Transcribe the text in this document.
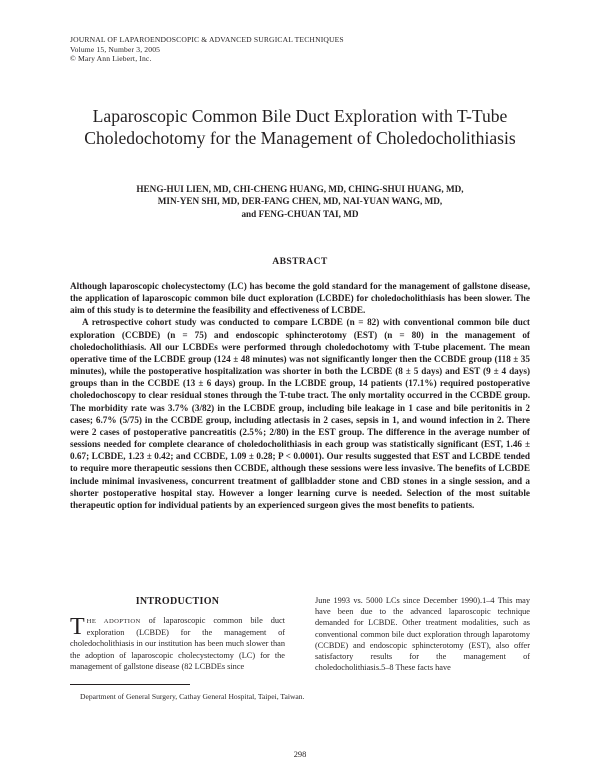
JOURNAL OF LAPAROENDOSCOPIC & ADVANCED SURGICAL TECHNIQUES
Volume 15, Number 3, 2005
© Mary Ann Liebert, Inc.
Laparoscopic Common Bile Duct Exploration with T-Tube
Choledochotomy for the Management of Choledocholithiasis
HENG-HUI LIEN, MD, CHI-CHENG HUANG, MD, CHING-SHUI HUANG, MD,
MIN-YEN SHI, MD, DER-FANG CHEN, MD, NAI-YUAN WANG, MD,
and FENG-CHUAN TAI, MD
ABSTRACT

Although laparoscopic cholecystectomy (LC) has become the gold standard for the management of gallstone disease, the application of laparoscopic common bile duct exploration (LCBDE) for choledocholithiasis has been slower. The aim of this study is to determine the feasibility and effectiveness of LCBDE.

A retrospective cohort study was conducted to compare LCBDE (n = 82) with conventional common bile duct exploration (CCBDE) (n = 75) and endoscopic sphincterotomy (EST) (n = 80) in the management of choledocholithiasis. All our LCBDEs were performed through choledochotomy with T-tube placement. The mean operative time of the LCBDE group (124 ± 48 minutes) was not significantly longer then the CCBDE group (118 ± 35 minutes), while the postoperative hospitalization was shorter in both the LCBDE (8 ± 5 days) and EST (9 ± 4 days) groups than in the CCBDE (13 ± 6 days) group. In the LCBDE group, 14 patients (17.1%) required postoperative choledochoscopy to clear residual stones through the T-tube tract. The only mortality occurred in the CCBDE group. The morbidity rate was 3.7% (3/82) in the LCBDE group, including bile leakage in 1 case and bile peritonitis in 2 cases; 6.7% (5/75) in the CCBDE group, including atlectasis in 2 cases, sepsis in 1, and wound infection in 2. There were 2 cases of postoperative pancreatitis (2.5%; 2/80) in the EST group. The difference in the average number of sessions needed for complete clearance of choledocholithiasis in each group was statistically significant (EST, 1.46 ± 0.67; LCBDE, 1.23 ± 0.42; and CCBDE, 1.09 ± 0.28; P < 0.0001). Our results suggested that EST and LCBDE tended to require more therapeutic sessions then CCBDE, although these sessions were less invasive. The benefits of LCBDE include minimal invasiveness, concurrent treatment of gallbladder stone and CBD stones in a single session, and a shorter postoperative hospital stay. However a longer learning curve is needed. Selection of the most suitable therapeutic option for individual patients by an experienced surgeon gives the most benefits to patients.

INTRODUCTION

THE ADOPTION of laparoscopic common bile duct exploration (LCBDE) for the management of choledocholithiasis in our institution has been much slower than the adoption of laparoscopic cholecystectomy (LC) for the management of gallstone disease (82 LCBDEs since

June 1993 vs. 5000 LCs since December 1990).1–4 This may have been due to the advanced laparoscopic technique demanded for LCBDE. Other treatment modalities, such as conventional common bile duct exploration through laparotomy (CCBDE) and endoscopic sphincterotomy (EST), also offer satisfactory results for the management of choledocholithiasis.5–8 These facts have

Department of General Surgery, Cathay General Hospital, Taipei, Taiwan.
298
